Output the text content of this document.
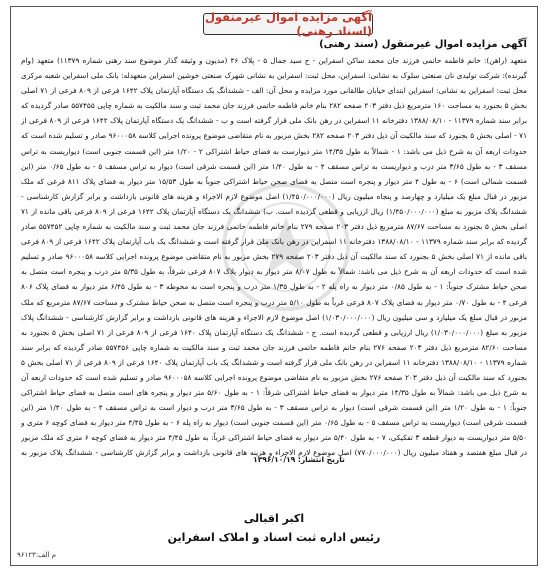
آگهی مزایده اموال غیرمنقول (اسناد رهنی)
آگهی مزایده اموال غیرمنقول (سند رهنی)
متعهد (راهن): خانم فاطمه حاتمی فرزند جان محمد ساکن اسفراین - ج سید جمال ۵ - پلاک ۴۶ (مدیون و وثیقه گذار موضوع سند رهنی شماره ۱۱۳۷۹) متعهد (وام گیرنده): شرکت تولیدی نان صنعتی سلوک به نشانی: اسفراین، محل ثبت: اسفراین به نشانی شهرک صنعتی خوشین اسفراین متعهدله: بانک ملی اسفراین شعبه مرکزی محل ثبت: اسفراین به نشانی: اسفراین ابتدای خیابان طالقانی مورد مزایده و محل آن: الف - ششدانگ یک دستگاه آپارتمان پلاک ۱۶۴۲ فرعی از ۸۰۹ فرعی از ۷۱ اصلی بخش ۵ بجنورد به مساحت ۱۶۰ مترمربع ذیل دفتر ۲۰۳ صفحه ۲۸۲ بنام خانم فاطمه حاتمی فرزند جان محمد ثبت و سند مالکیت به شماره چاپی ۵۵۷۴۵۵ صادر گردیده که برابر سند شماره ۱۱۳۷۹ - ۱۳۸۸/۰۸/۱۰ دفترخانه ۱۱ اسفراین در رهن بانک ملی قرار گرفته است و ب - ششدانگ یک دستگاه آپارتمان پلاک ۱۶۴۲ فرعی از ۸۰۹ فرعی از ۷۱ - اصلی بخش ۵ بجنورد که سند مالکیت آن ذیل دفتر ۲۰۳ صفحه ۲۸۲ بخش مزبور به نام متقاضی موضوع پرونده اجرایی کلاسه ۹۶۰۰۰۵۸ صادر و تسلیم شده است که حدودات اربعه آن به شرح ذیل می باشد: ۱ - شمالاً به طول ۱۴/۳۵ متر دیوارست به فضای حیاط اشتراکی ۲ - ۱/۲۰ متر (این قسمت جنوبی است) دیواریست به تراس مسقف ۳ - به طول ۳/۶۵ متر درب و دیواریست به تراس مسقف ۴ - به طول ۱/۴۰ متر (این قسمت شرقی است) دیوار به تراس مسقف ۵ - به طول ۰/۶۵ متر (این قسمت شمالی است) ۶ - به طول ۴ متر دیوار و پنجره است متصل به فضای صحن حیاط اشتراکی جنوباً به طول ۱۵/۵۳ متر دیوار به فضای پلاک ۸۱۱ فرعی که ملک مزبور در قبال مبلغ یک میلیارد و چهارصد و پنجاه میلیون ریال (۱/۴۵۰/۰۰۰/۰۰۰) اصل موضوع لازم الاجراء و هزینه های قانونی بازداشت و برابر گزارش کارشناسی - ششدانگ پلاک مزبور به مبلغ (۱/۴۵۰/۰۰۰/۰۰۰) ریال ارزیابی و قطعی گردیده است. ب) ششدانگ یک دستگاه آپارتمان پلاک ۱۶۴۲ فرعی از ۸۰۹ فرعی باقی مانده از ۷۱ اصلی بخش ۵ بجنورد به مساحت ۸۷/۶۷ مترمربع ذیل دفتر ۲۰۳ صفحه ۲۷۹ بنام خانم فاطمه حاتمی فرزند جان محمد ثبت و سند مالکیت به شماره چاپی ۵۵۷۴۵۲ صادر گردیده که برابر سند شماره ۱۱۳۷۹ - ۱۳۸۸/۰۸/۱۰ دفترخانه ۱۱ اسفراین در رهن بانک ملی قرار گرفته است و ششدانگ یک باب آپارتمان پلاک ۱۶۴۲ فرعی از ۸۰۹ فرعی باقی مانده از ۷۱ اصلی بخش ۵ بجنورد که سند مالکیت آن ذیل دفتر ۲۰۳ صفحه ۲۷۹ بخش مزبور به نام متقاضی موضوع پرونده اجرایی کلاسه ۹۶۰۰۰۵۸ صادر و تسلیم شده است که حدودات اربعه آن به شرح ذیل می باشد: شمالاً به طول ۸/۰۷ متر دیوار به دیوار پلاک ۸۰۷ فرعی شرقاً، به طول ۵/۳۵ متر درب و پنجره است متصل به صحن حیاط مشترک جنوباً: ۱ - به طول ۰/۸۵ متر دیوار به راه پله ۲ - به طول ۱/۳۵ متر درب و پنجره است به محوطه ۳ - به طول ۶/۴۵ متر دیوار به فضای پلاک ۸۰۶ فرعی ۴ - به طول ۰/۷۰ متر دیوار به فضای پلاک ۸۰۷ فرعی غرباً به طول ۵/۱۰ متر درب و پنجره است متصل به صحن حیاط مشترک و مساحت ۸۷/۶۷ مترمربع که ملک مزبور در قبال مبلغ یک میلیارد و سی میلیون ریال (۱/۰۳۰/۰۰۰/۰۰۰) اصل موضوع لازم الاجراء و هزینه های قانونی بازداشت و برابر گزارش کارشناسی - ششدانگ پلاک مزبور به مبلغ (۱/۰۳۰/۰۰۰/۰۰۰) ریال ارزیابی و قطعی گردیده است. ج - ششدانگ یک دستگاه آپارتمان پلاک ۱۶۴۰ فرعی از ۸۰۹ فرعی از ۷۱ اصلی بخش ۵ بجنورد به مساحت ۸۲/۶۰ مترمربع ذیل دفتر ۲۰۳ صفحه ۲۷۶ بنام خانم فاطمه حاتمی فرزند جان محمد ثبت و سند مالکیت به شماره چاپی ۵۵۷۴۵۶ صادر گردیده که برابر سند شماره ۱۱۳۷۹ - ۱۳۸۸/۰۸/۱۰ دفترخانه ۱۱ اسفراین در رهن بانک ملی قرار گرفته است و ششدانگ یک باب آپارتمان پلاک ۱۶۴۰ فرعی از ۸۰۹ فرعی از ۷۱ اصلی بخش ۵ بجنورد که سند مالکیت آن ذیل دفتر ۲۰۳ صفحه ۲۷۶ بخش مزبور به نام متقاضی موضوع پرونده اجرایی کلاسه ۹۶۰۰۰۵۸ صادر و تسلیم شده است که حدودات اربعه آن به شرح ذیل می باشد: شمالاً به طول ۱۴/۳۵ متر دیوار به فضای حیاط اشتراکی شرقاً: ۱ - به طول ۵/۶۰ متر دیوار و پنجره های است متصل به فضای حیاط اشتراکی جنوباً: ۱ - به طول ۱/۲۰ متر (این قسمت شرقی است) دیوار به تراس مسقف ۳ - به طول ۳/۶۵ متر درب و دیوار است به تراس مسقف ۴ - به طول ۱/۴۰ متر (این قسمت شرقی است) دیواریست به تراس مسقف ۵ - به طول ۰/۶۵ متر (این قسمت جنوبی است) دیوار به راه پله ۶ - به طول ۴/۴۵ متر دیوار به فضای کوچه ۶ متری و ۵/۵۰ متر دیواریست به دیوار قطعه ۳ تفکیکی، ۷ - به طول ۵/۴۰ متر دیوار به فضای حیاط اشتراکی غرباً: به طول ۴/۴۵ متر دیوار به فضای کوچه ۶ متری که ملک مزبور در قبال مبلغ هفتصد و هفتاد میلیون ریال (۷۷۰/۰۰۰/۰۰۰) اصل موضوع لازم الاجراء و هزینه های قانونی بازداشت و برابر گزارش کارشناسی - ششدانگ پلاک مزبور به
تاریخ انتشار: ۱۳۹۶/۱۰/۱۹
اکبر اقبالی
رئیس اداره ثبت اسناد و املاک اسفراین
م الف:۹۶۱۲۳
